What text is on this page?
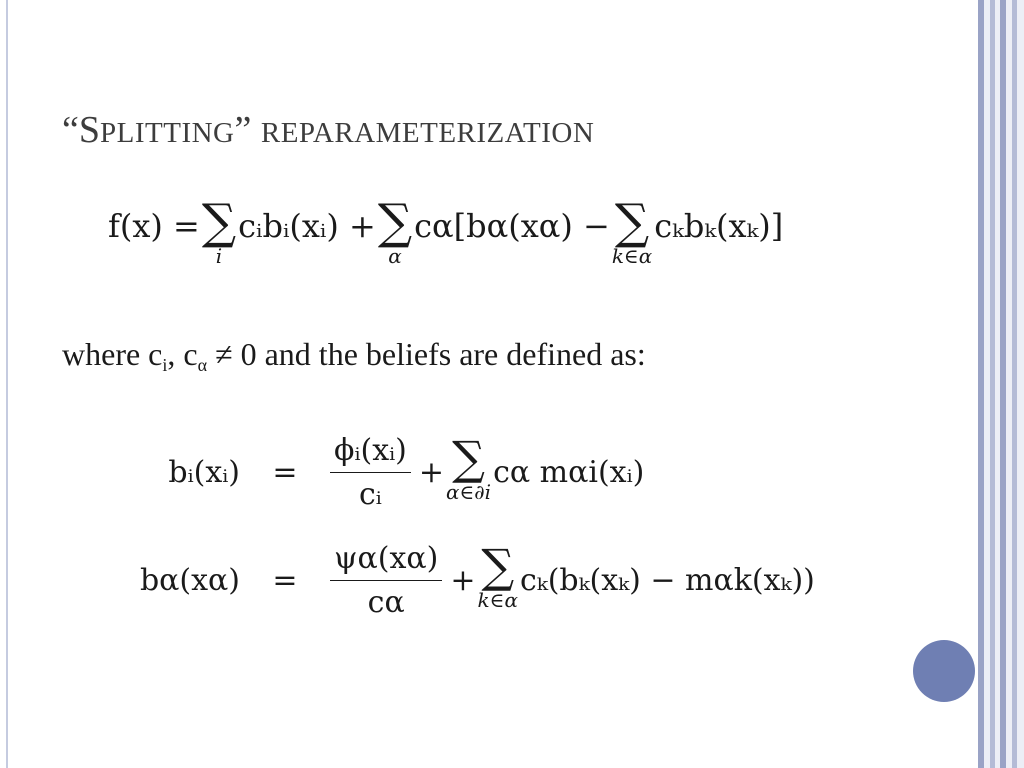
“SPLITTING” REPARAMETERIZATION
f(x) = ∑
i
cᵢbᵢ(xᵢ) + ∑
α
cα[bα(xα) − ∑
k∈α
cₖbₖ(xₖ)]
where $c_i$, $c_\alpha \ne 0$ and the beliefs are defined as:
bᵢ(xᵢ)	=	$\frac{\text{ϕᵢ(xᵢ)}}{\text{cᵢ}}$ + ∑
α∈∂i
cα mαi(xᵢ)
bα(xα)	=	$\frac{\psi\alpha(x\alpha)}{c\alpha}$ + ∑
k∈α
cₖ(bₖ(xₖ) − mαk(xₖ))
